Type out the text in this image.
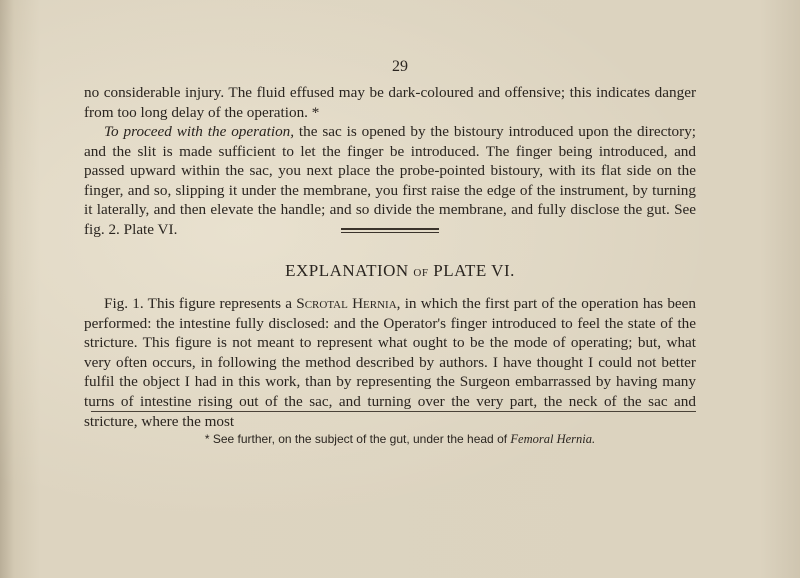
29

no considerable injury. The fluid effused may be dark-coloured and offensive; this indicates danger from too long delay of the operation. *

To proceed with the operation, the sac is opened by the bistoury introduced upon the directory; and the slit is made sufficient to let the finger be introduced. The finger being introduced, and passed upward within the sac, you next place the probe-pointed bistoury, with its flat side on the finger, and so, slipping it under the membrane, you first raise the edge of the instrument, by turning it laterally, and then elevate the handle; and so divide the membrane, and fully disclose the gut. See fig. 2. Plate VI.

EXPLANATION OF PLATE VI.

Fig. 1. This figure represents a Scrotal Hernia, in which the first part of the operation has been performed: the intestine fully disclosed: and the Operator's finger introduced to feel the state of the stricture. This figure is not meant to represent what ought to be the mode of operating; but, what very often occurs, in following the method described by authors. I have thought I could not better fulfil the object I had in this work, than by representing the Surgeon embarrassed by having many turns of intestine rising out of the sac, and turning over the very part, the neck of the sac and stricture, where the most

* See further, on the subject of the gut, under the head of Femoral Hernia.
